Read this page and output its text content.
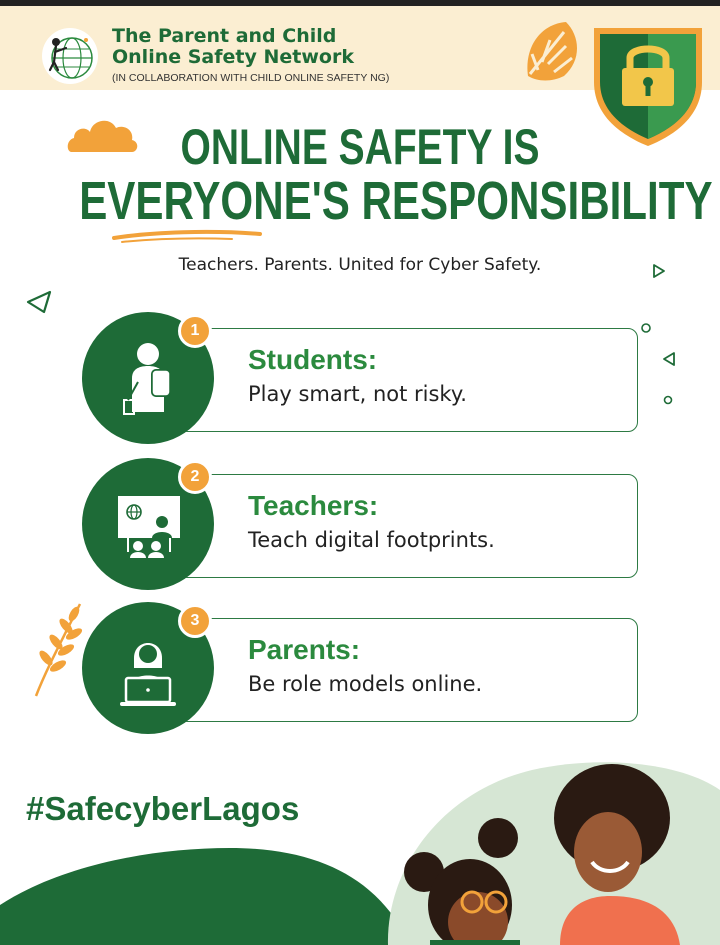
The Parent and Child
Online Safety Network
(IN COLLABORATION WITH CHILD ONLINE SAFETY NG)
ONLINE SAFETY IS
EVERYONE'S RESPONSIBILITY
Teachers. Parents. United for Cyber Safety.
1
Students:
Play smart, not risky.
2
Teachers:
Teach digital footprints.
3
Parents:
Be role models online.
#SafecyberLagos
